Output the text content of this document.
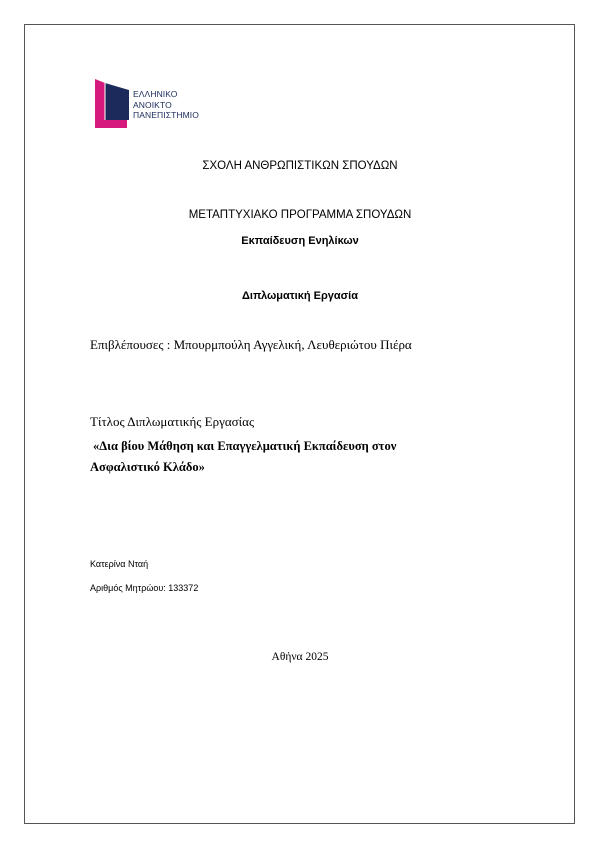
ΕΛΛΗΝΙΚΟ
ΑΝΟΙΚΤΟ
ΠΑΝΕΠΙΣΤΗΜΙΟ
ΣΧΟΛΗ ΑΝΘΡΩΠΙΣΤΙΚΩΝ ΣΠΟΥΔΩΝ
ΜΕΤΑΠΤΥΧΙΑΚΟ ΠΡΟΓΡΑΜΜΑ ΣΠΟΥΔΩΝ
Εκπαίδευση Ενηλίκων
Διπλωματική Εργασία
Επιβλέπουσες : Μπουρμπούλη Αγγελική, Λευθεριώτου Πιέρα
Τίτλος Διπλωματικής Εργασίας
«Δια βίου Μάθηση και Επαγγελματική Εκπαίδευση στον
Ασφαλιστικό Κλάδο»
Κατερίνα Νταή
Αριθμός Μητρώου: 133372
Αθήνα 2025
